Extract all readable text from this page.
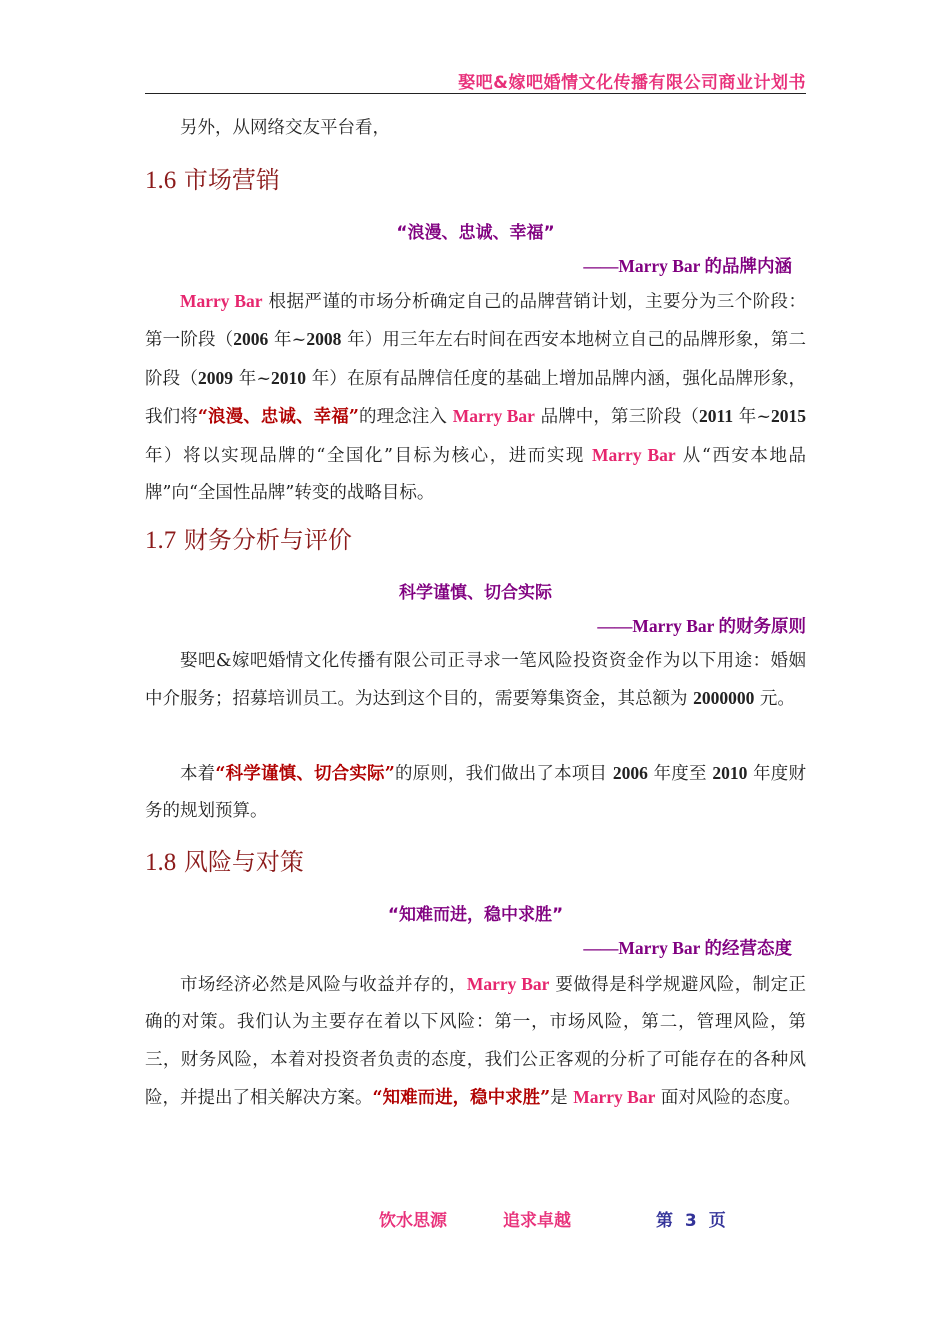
娶吧&嫁吧婚情文化传播有限公司商业计划书
另外，从网络交友平台看，
1.6 市场营销
“浪漫、忠诚、幸福”
——Marry Bar 的品牌内涵
Marry Bar 根据严谨的市场分析确定自己的品牌营销计划，主要分为三个阶段：第一阶段（2006 年~2008 年）用三年左右时间在西安本地树立自己的品牌形象，第二阶段（2009 年~2010 年）在原有品牌信任度的基础上增加品牌内涵，强化品牌形象，我们将“浪漫、忠诚、幸福”的理念注入 Marry Bar 品牌中，第三阶段（2011 年~2015 年）将以实现品牌的“全国化”目标为核心，进而实现 Marry Bar 从“西安本地品牌”向“全国性品牌”转变的战略目标。
1.7 财务分析与评价
科学谨慎、切合实际
——Marry Bar 的财务原则
娶吧&嫁吧婚情文化传播有限公司正寻求一笔风险投资资金作为以下用途：婚姻中介服务；招募培训员工。为达到这个目的，需要筹集资金，其总额为 2000000 元。
本着“科学谨慎、切合实际”的原则，我们做出了本项目 2006 年度至 2010 年度财务的规划预算。
1.8 风险与对策
“知难而进，稳中求胜”
——Marry Bar 的经营态度
市场经济必然是风险与收益并存的，Marry Bar 要做得是科学规避风险，制定正确的对策。我们认为主要存在着以下风险：第一，市场风险，第二，管理风险，第三，财务风险，本着对投资者负责的态度，我们公正客观的分析了可能存在的各种风险，并提出了相关解决方案。“知难而进，稳中求胜”是 Marry Bar 面对风险的态度。
饮水思源	追求卓越	第 3 页
